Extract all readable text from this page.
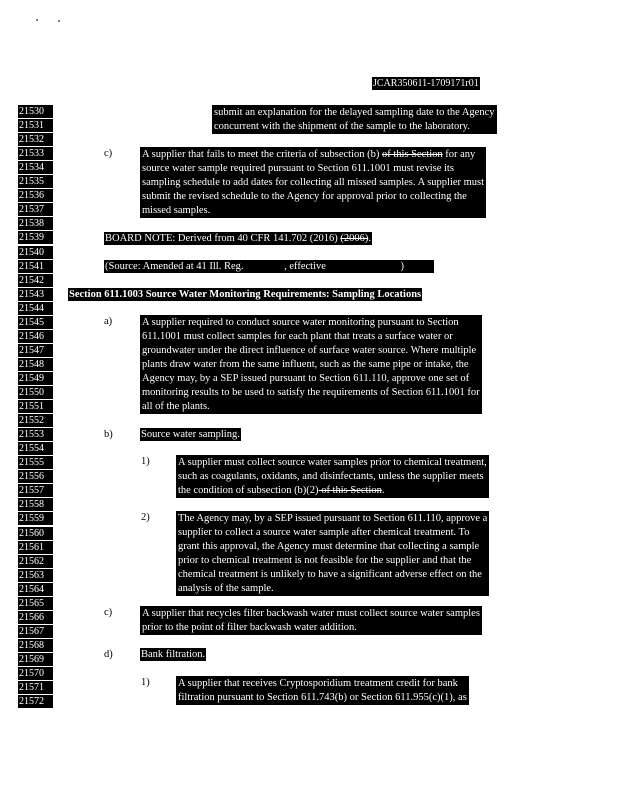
JCAR350611-1709171r01
21530
21531
21532
21533
21534
21535
21536
21537
21538
21539
21540
21541
21542
21543
21544
21545
21546
21547
21548
21549
21550
21551
21552
21553
21554
21555
21556
21557
21558
21559
21560
21561
21562
21563
21564
21565
21566
21567
21568
21569
21570
21571
21572
submit an explanation for the delayed sampling date to the Agency
concurrent with the shipment of the sample to the laboratory.
c)	A supplier that fails to meet the criteria of subsection (b) of this Section for any
source water sample required pursuant to Section 611.1001 must revise its
sampling schedule to add dates for collecting all missed samples. A supplier must
submit the revised schedule to the Agency for approval prior to collecting the
missed samples.
BOARD NOTE: Derived from 40 CFR 141.702 (2016) (2006).
(Source: Amended at 41 Ill. Reg.	, effective	)
Section 611.1003 Source Water Monitoring Requirements: Sampling Locations
a)	A supplier required to conduct source water monitoring pursuant to Section
611.1001 must collect samples for each plant that treats a surface water or
groundwater under the direct influence of surface water source. Where multiple
plants draw water from the same influent, such as the same pipe or intake, the
Agency may, by a SEP issued pursuant to Section 611.110, approve one set of
monitoring results to be used to satisfy the requirements of Section 611.1001 for
all of the plants.
b)	Source water sampling.
1)	A supplier must collect source water samples prior to chemical treatment,
such as coagulants, oxidants, and disinfectants, unless the supplier meets
the condition of subsection (b)(2) of this Section.
2)	The Agency may, by a SEP issued pursuant to Section 611.110, approve a
supplier to collect a source water sample after chemical treatment. To
grant this approval, the Agency must determine that collecting a sample
prior to chemical treatment is not feasible for the supplier and that the
chemical treatment is unlikely to have a significant adverse effect on the
analysis of the sample.
c)	A supplier that recycles filter backwash water must collect source water samples
prior to the point of filter backwash water addition.
d)	Bank filtration.
1)	A supplier that receives Cryptosporidium treatment credit for bank
filtration pursuant to Section 611.743(b) or Section 611.955(c)(1), as
